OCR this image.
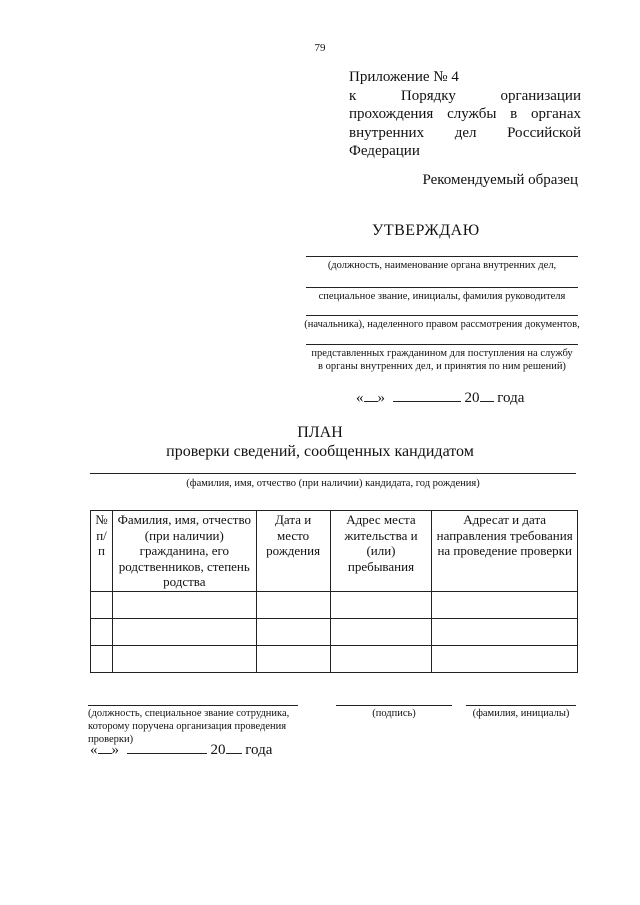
79
Приложение № 4
к Порядку организации
прохождения службы в органах
внутренних дел Российской
Федерации
Рекомендуемый образец
УТВЕРЖДАЮ
(должность, наименование органа внутренних дел,
специальное звание, инициалы, фамилия руководителя
(начальника), наделенного правом рассмотрения документов,
представленных гражданином для поступления на службу
в органы внутренних дел, и принятия по ним решений)
« »	20 года
ПЛАН
проверки сведений, сообщенных кандидатом
(фамилия, имя, отчество (при наличии) кандидата, год рождения)
№ п/п	Фамилия, имя, отчество (при наличии) гражданина, его родственников, степень родства	Дата и место рождения	Адрес места жительства и (или) пребывания	Адресат и дата направления требования на проведение проверки

(должность, специальное звание сотрудника,
которому поручена организация проведения
проверки)
(подпись)	(фамилия, инициалы)
« »	20 года
